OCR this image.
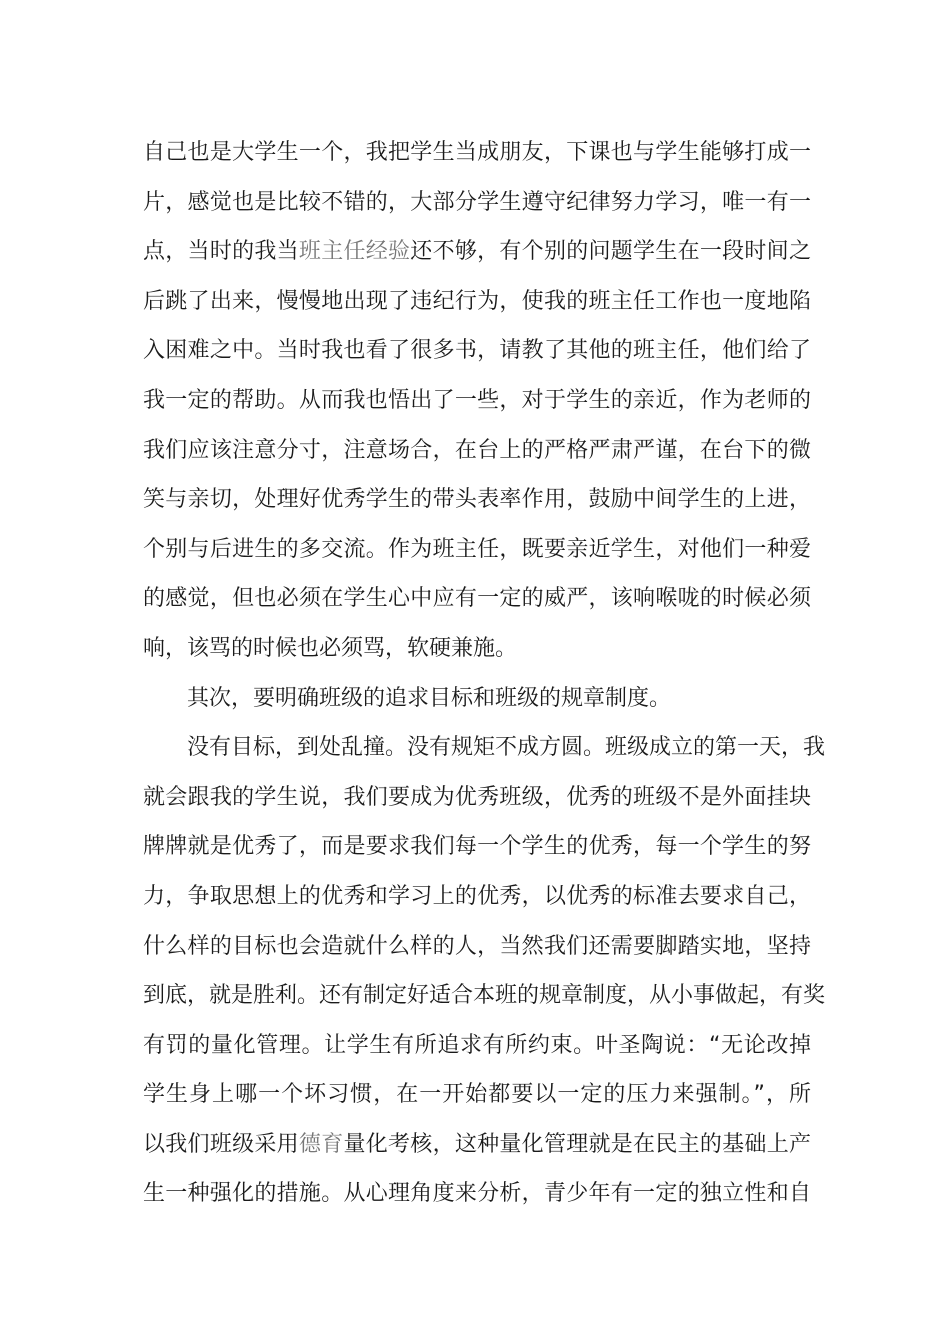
自己也是大学生一个，我把学生当成朋友，下课也与学生能够打成一
片，感觉也是比较不错的，大部分学生遵守纪律努力学习，唯一有一
点，当时的我当班主任经验还不够，有个别的问题学生在一段时间之
后跳了出来，慢慢地出现了违纪行为，使我的班主任工作也一度地陷
入困难之中。当时我也看了很多书，请教了其他的班主任，他们给了
我一定的帮助。从而我也悟出了一些，对于学生的亲近，作为老师的
我们应该注意分寸，注意场合，在台上的严格严肃严谨，在台下的微
笑与亲切，处理好优秀学生的带头表率作用，鼓励中间学生的上进，
个别与后进生的多交流。作为班主任，既要亲近学生，对他们一种爱
的感觉，但也必须在学生心中应有一定的威严，该响喉咙的时候必须
响，该骂的时候也必须骂，软硬兼施。
其次，要明确班级的追求目标和班级的规章制度。
没有目标，到处乱撞。没有规矩不成方圆。班级成立的第一天，我
就会跟我的学生说，我们要成为优秀班级，优秀的班级不是外面挂块
牌牌就是优秀了，而是要求我们每一个学生的优秀，每一个学生的努
力，争取思想上的优秀和学习上的优秀，以优秀的标准去要求自己，
什么样的目标也会造就什么样的人，当然我们还需要脚踏实地，坚持
到底，就是胜利。还有制定好适合本班的规章制度，从小事做起，有奖
有罚的量化管理。让学生有所追求有所约束。叶圣陶说：“无论改掉
学生身上哪一个坏习惯，在一开始都要以一定的压力来强制。”，所
以我们班级采用德育量化考核，这种量化管理就是在民主的基础上产
生一种强化的措施。从心理角度来分析，青少年有一定的独立性和自
